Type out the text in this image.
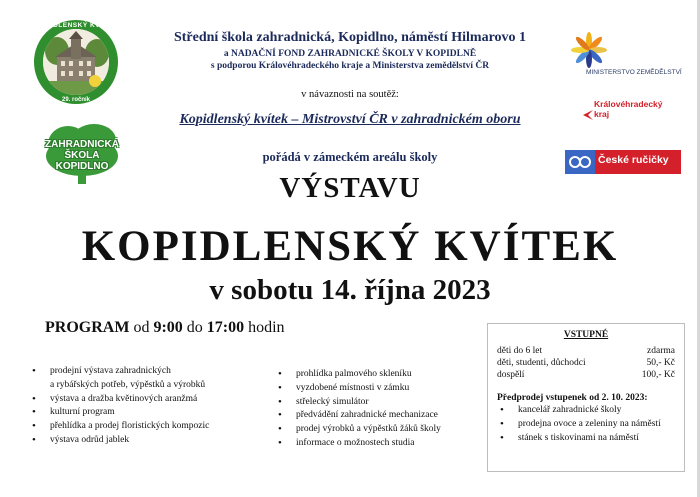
KOPIDLENSKÝ KVÍTEK
29. ročník
ZAHRADNICKÁ
ŠKOLA
KOPIDLNO
MINISTERSTVO ZEMĚDĚLSTVÍ
Královéhradecký
kraj
České ručičky
Střední škola zahradnická, Kopidlno, náměstí Hilmarovo 1
a NADAČNÍ FOND ZAHRADNICKÉ ŠKOLY V KOPIDLNĚ
s podporou Královéhradeckého kraje a Ministerstva zemědělství ČR
v návaznosti na soutěž:
Kopidlenský kvítek – Mistrovství ČR v zahradnickém oboru
pořádá v zámeckém areálu školy
VÝSTAVU
KOPIDLENSKÝ KVÍTEK
v sobotu 14. října 2023
PROGRAM od 9:00 do 17:00 hodin
• prodejní výstava zahradnických
a rybářských potřeb, výpěstků a výrobků
• výstava a dražba květinových aranžmá
• kulturní program
• přehlídka a prodej floristických kompozic
• výstava odrůd jablek
• prohlídka palmového skleníku
• vyzdobené místnosti v zámku
• střelecký simulátor
• předvádění zahradnické mechanizace
• prodej výrobků a výpěstků žáků školy
• informace o možnostech studia
VSTUPNÉ
děti do 6 let	zdarma
děti, studenti, důchodci	50,- Kč
dospělí	100,- Kč
Předprodej vstupenek od 2. 10. 2023:
• kancelář zahradnické školy
• prodejna ovoce a zeleniny na náměstí
• stánek s tiskovinami na náměstí
